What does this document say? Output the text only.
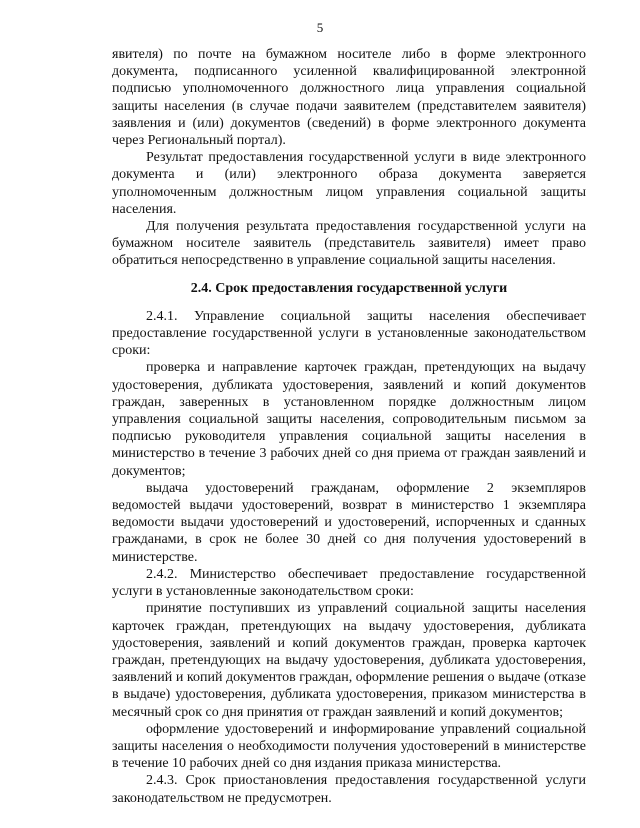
5

явителя) по почте на бумажном носителе либо в форме электронного документа, подписанного усиленной квалифицированной электронной подписью уполномоченного должностного лица управления социальной защиты населения (в случае подачи заявителем (представителем заявителя) заявления и (или) документов (сведений) в форме электронного документа через Региональный портал).

Результат предоставления государственной услуги в виде электронного документа и (или) электронного образа документа заверяется уполномоченным должностным лицом управления социальной защиты населения.

Для получения результата предоставления государственной услуги на бумажном носителе заявитель (представитель заявителя) имеет право обратиться непосредственно в управление социальной защиты населения.

2.4. Срок предоставления государственной услуги

2.4.1. Управление социальной защиты населения обеспечивает предоставление государственной услуги в установленные законодательством сроки:

проверка и направление карточек граждан, претендующих на выдачу удостоверения, дубликата удостоверения, заявлений и копий документов граждан, заверенных в установленном порядке должностным лицом управления социальной защиты населения, сопроводительным письмом за подписью руководителя управления социальной защиты населения в министерство в течение 3 рабочих дней со дня приема от граждан заявлений и документов;

выдача удостоверений гражданам, оформление 2 экземпляров ведомостей выдачи удостоверений, возврат в министерство 1 экземпляра ведомости выдачи удостоверений и удостоверений, испорченных и сданных гражданами, в срок не более 30 дней со дня получения удостоверений в министерстве.

2.4.2. Министерство обеспечивает предоставление государственной услуги в установленные законодательством сроки:

принятие поступивших из управлений социальной защиты населения карточек граждан, претендующих на выдачу удостоверения, дубликата удостоверения, заявлений и копий документов граждан, проверка карточек граждан, претендующих на выдачу удостоверения, дубликата удостоверения, заявлений и копий документов граждан, оформление решения о выдаче (отказе в выдаче) удостоверения, дубликата удостоверения, приказом министерства в месячный срок со дня принятия от граждан заявлений и копий документов;

оформление удостоверений и информирование управлений социальной защиты населения о необходимости получения удостоверений в министерстве в течение 10 рабочих дней со дня издания приказа министерства.

2.4.3. Срок приостановления предоставления государственной услуги законодательством не предусмотрен.
